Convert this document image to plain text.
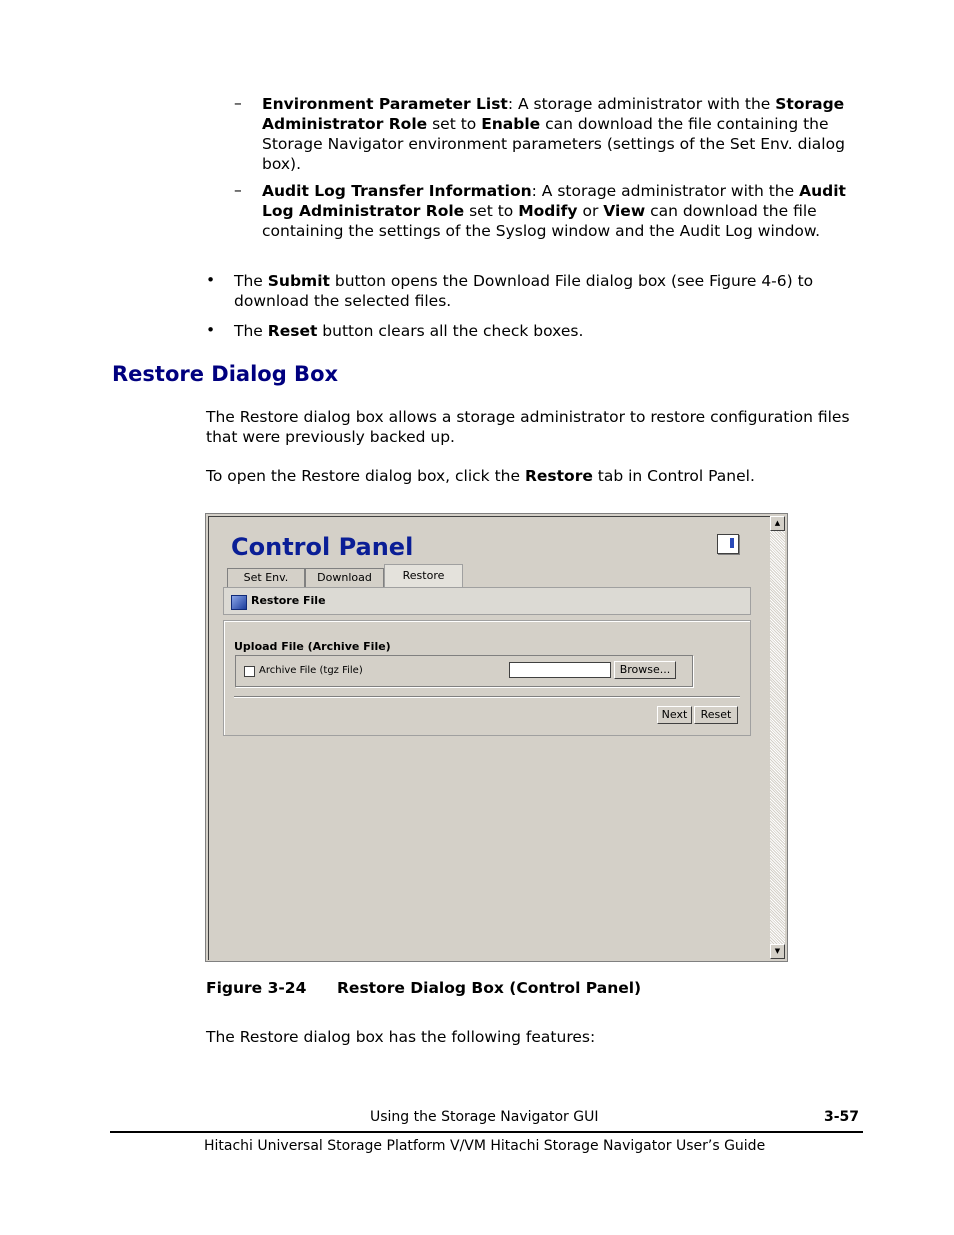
– Environment Parameter List: A storage administrator with the Storage Administrator Role set to Enable can download the file containing the Storage Navigator environment parameters (settings of the Set Env. dialog box).

– Audit Log Transfer Information: A storage administrator with the Audit Log Administrator Role set to Modify or View can download the file containing the settings of the Syslog window and the Audit Log window.

• The Submit button opens the Download File dialog box (see Figure 4-6) to download the selected files.

• The Reset button clears all the check boxes.

Restore Dialog Box

The Restore dialog box allows a storage administrator to restore configuration files that were previously backed up.

To open the Restore dialog box, click the Restore tab in Control Panel.

Control Panel
Set Env.	Download	Restore
Restore File
Upload File (Archive File)
Archive File (tgz File)	Browse...
Next	Reset
▲
▼
Figure 3-24 Restore Dialog Box (Control Panel)

The Restore dialog box has the following features:

Using the Storage Navigator GUI	3-57
Hitachi Universal Storage Platform V/VM Hitachi Storage Navigator User’s Guide
